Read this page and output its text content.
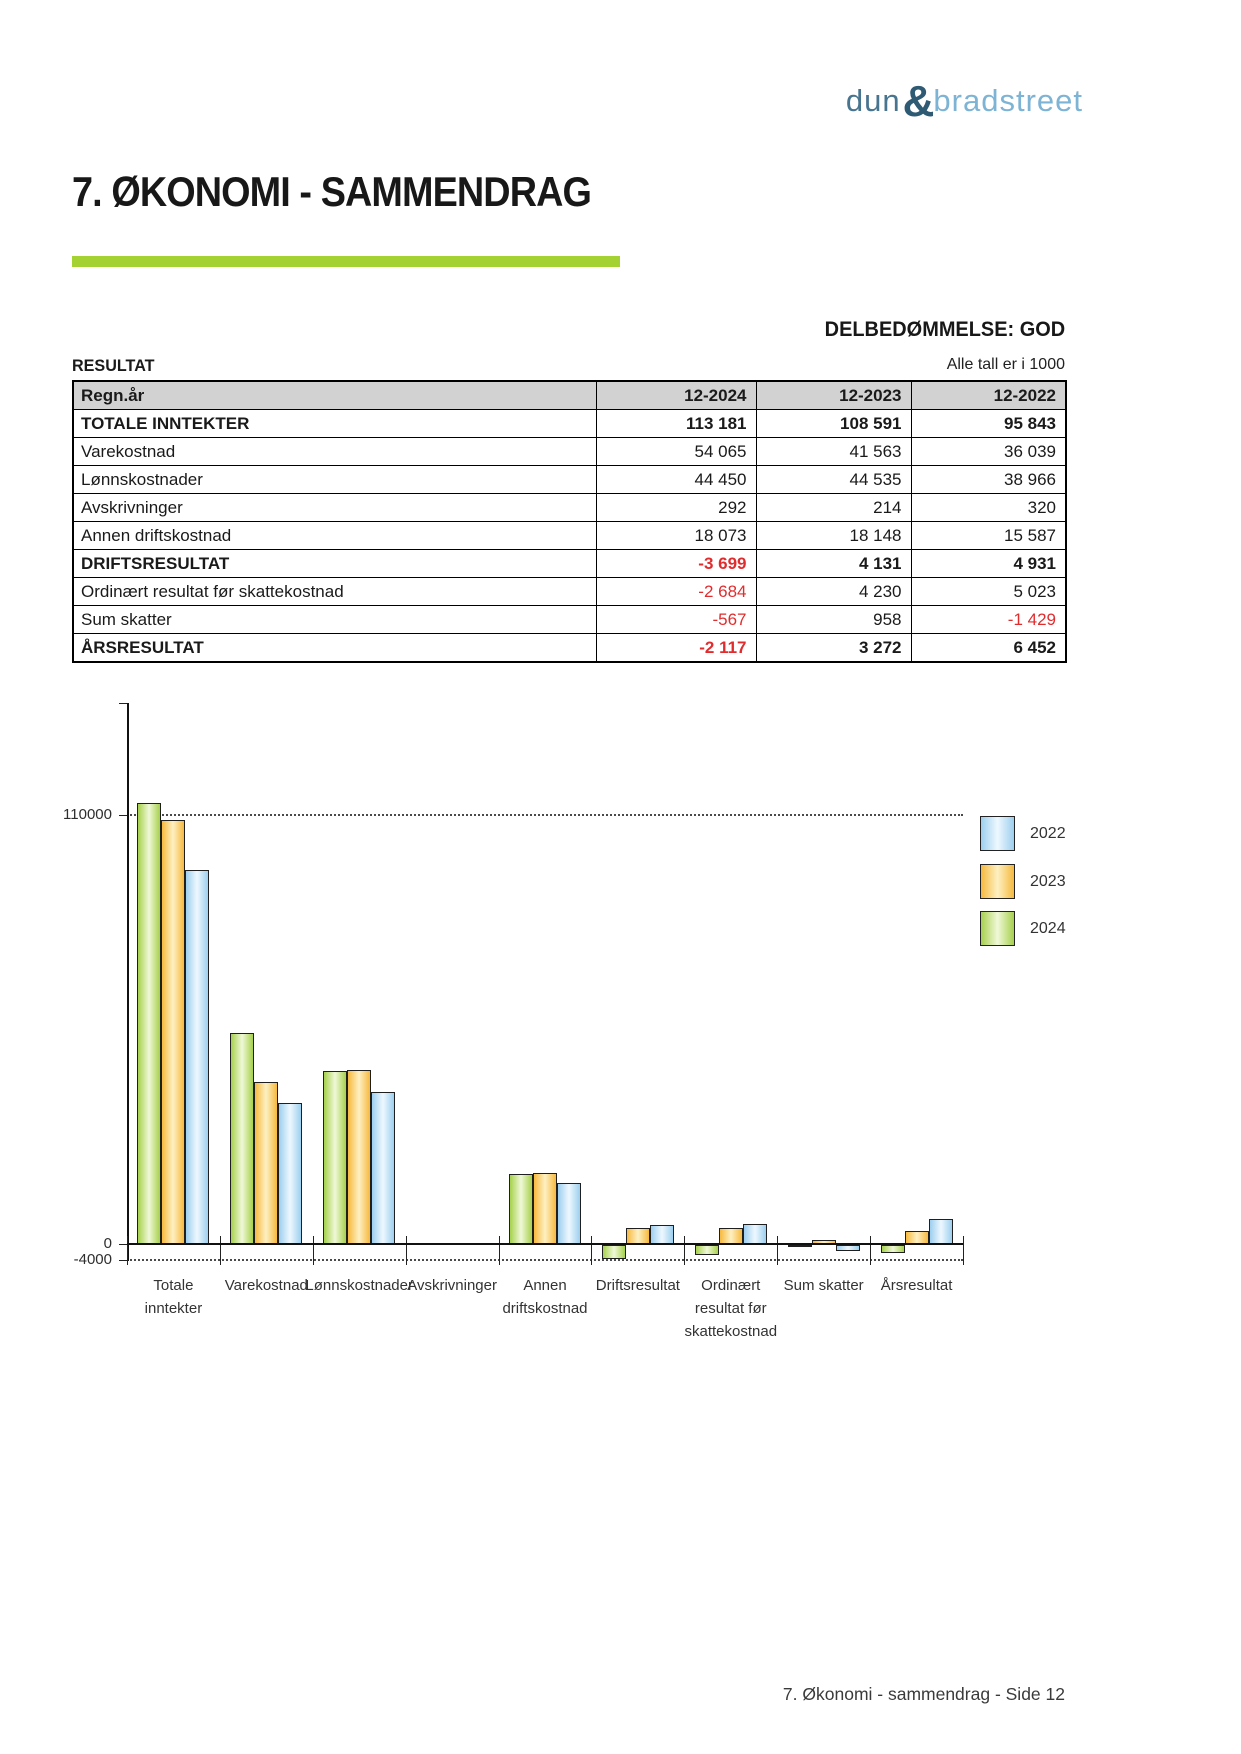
dun&bradstreet
7. ØKONOMI - SAMMENDRAG
DELBEDØMMELSE: GOD
RESULTAT	Alle tall er i 1000
Regn.år	12-2024	12-2023	12-2022
TOTALE INNTEKTER	113 181	108 591	95 843
Varekostnad	54 065	41 563	36 039
Lønnskostnader	44 450	44 535	38 966
Avskrivninger	292	214	320
Annen driftskostnad	18 073	18 148	15 587
DRIFTSRESULTAT	-3 699	4 131	4 931
Ordinært resultat før skattekostnad	-2 684	4 230	5 023
Sum skatter	-567	958	-1 429
ÅRSRESULTAT	-2 117	3 272	6 452
110000
0
-4000
Totale
inntekter
Varekostnad
Lønnskostnader
Avskrivninger	Annen
driftskostnad
Driftsresultat	Ordinært
resultat før
skattekostnad
Sum skatter	Årsresultat
2022
2023
2024
7. Økonomi - sammendrag - Side 12
